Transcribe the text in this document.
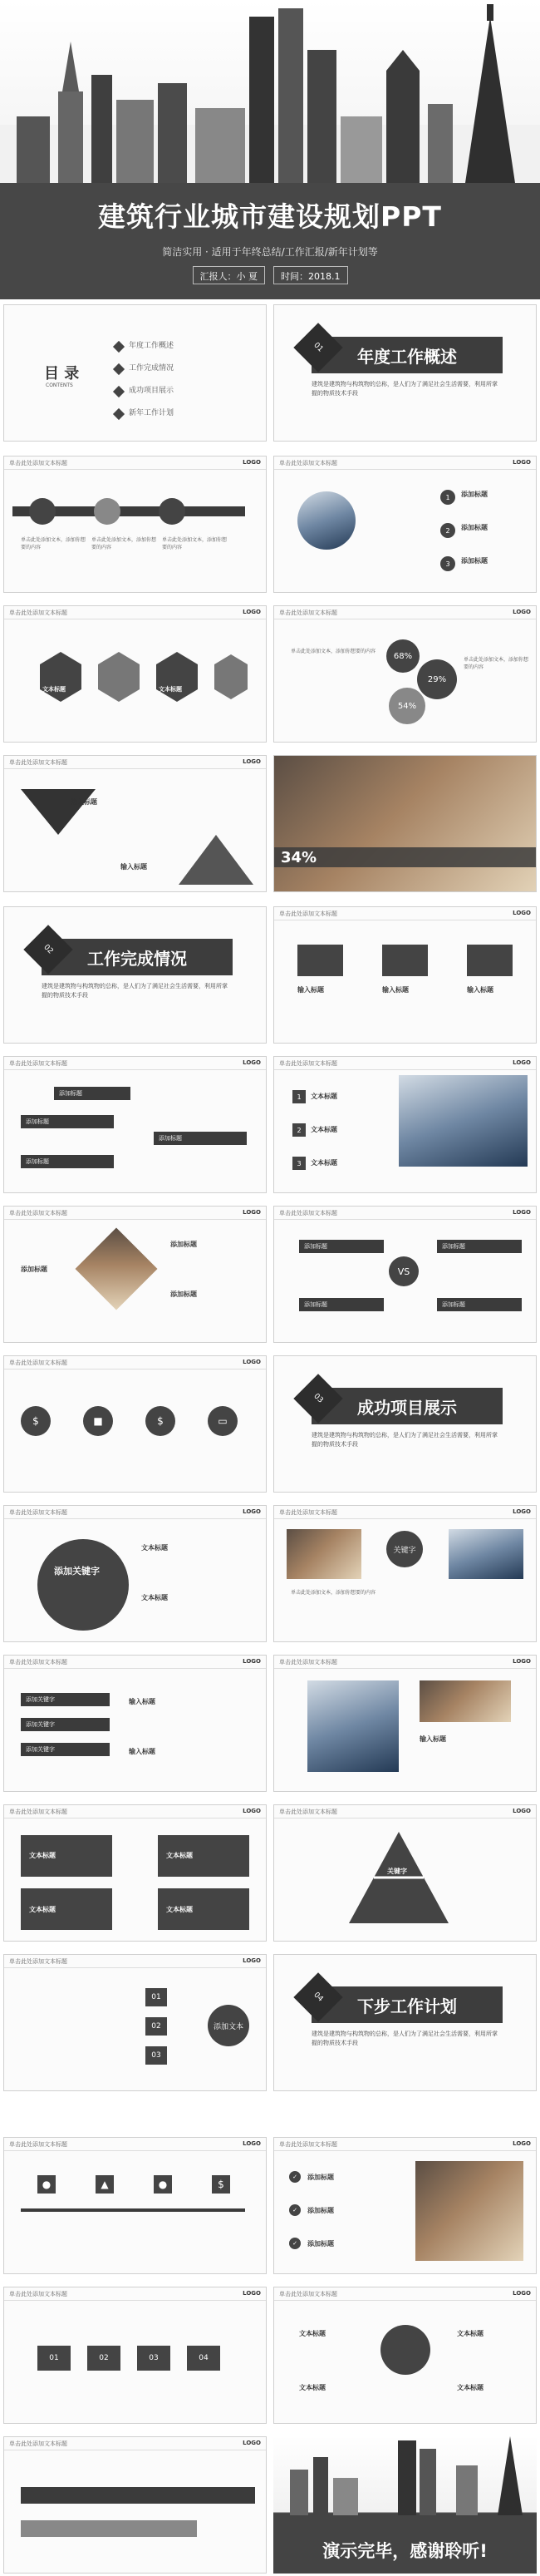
建筑行业城市建设规划PPT
简洁实用 · 适用于年终总结/工作汇报/新年计划等
汇报人：小 夏	时间：2018.1
目 录
CONTENTS
年度工作概述
工作完成情况
成功项目展示
新年工作计划
年度工作概述
01
建筑是建筑物与构筑物的总称，是人们为了满足社会生活需要，利用所掌握的物质技术手段
单击此处添加文本标题	LOGO
单击此处添加文本，添加你想要的内容
单击此处添加文本，添加你想要的内容
单击此处添加文本，添加你想要的内容
单击此处添加文本标题	LOGO
1
2
3
添加标题
添加标题
添加标题
单击此处添加文本标题	LOGO
文本标题	文本标题
单击此处添加文本标题	LOGO
68%
29%
54%
单击此处添加文本，添加你想要的内容
单击此处添加文本，添加你想要的内容
单击此处添加文本标题	LOGO
输入标题
输入标题
34%
工作完成情况
02
建筑是建筑物与构筑物的总称，是人们为了满足社会生活需要，利用所掌握的物质技术手段
单击此处添加文本标题	LOGO
输入标题	输入标题	输入标题
单击此处添加文本标题	LOGO
添加标题
添加标题
添加标题
添加标题
单击此处添加文本标题	LOGO
1
2
3
文本标题
文本标题
文本标题
单击此处添加文本标题	LOGO
添加标题
添加标题
添加标题
单击此处添加文本标题	LOGO
VS
添加标题	添加标题
添加标题	添加标题
单击此处添加文本标题	LOGO
$	■	$	▭
成功项目展示
03
建筑是建筑物与构筑物的总称，是人们为了满足社会生活需要，利用所掌握的物质技术手段
单击此处添加文本标题	LOGO
添加关键字
文本标题
文本标题
单击此处添加文本标题	LOGO
关键字
单击此处添加文本，添加你想要的内容
单击此处添加文本标题	LOGO
添加关键字
添加关键字
添加关键字
输入标题
输入标题
单击此处添加文本标题	LOGO
输入标题
单击此处添加文本标题	LOGO
文本标题	文本标题
文本标题	文本标题
单击此处添加文本标题	LOGO
关键字
单击此处添加文本标题	LOGO
01
02
03
添加文本
下步工作计划
04
建筑是建筑物与构筑物的总称，是人们为了满足社会生活需要，利用所掌握的物质技术手段
单击此处添加文本标题	LOGO
●	▲	●	$
单击此处添加文本标题	LOGO
✓
✓
✓
添加标题
添加标题
添加标题
单击此处添加文本标题	LOGO
01	02	03	04
单击此处添加文本标题	LOGO
文本标题	文本标题
文本标题	文本标题
单击此处添加文本标题	LOGO
演示完毕，感谢聆听!
